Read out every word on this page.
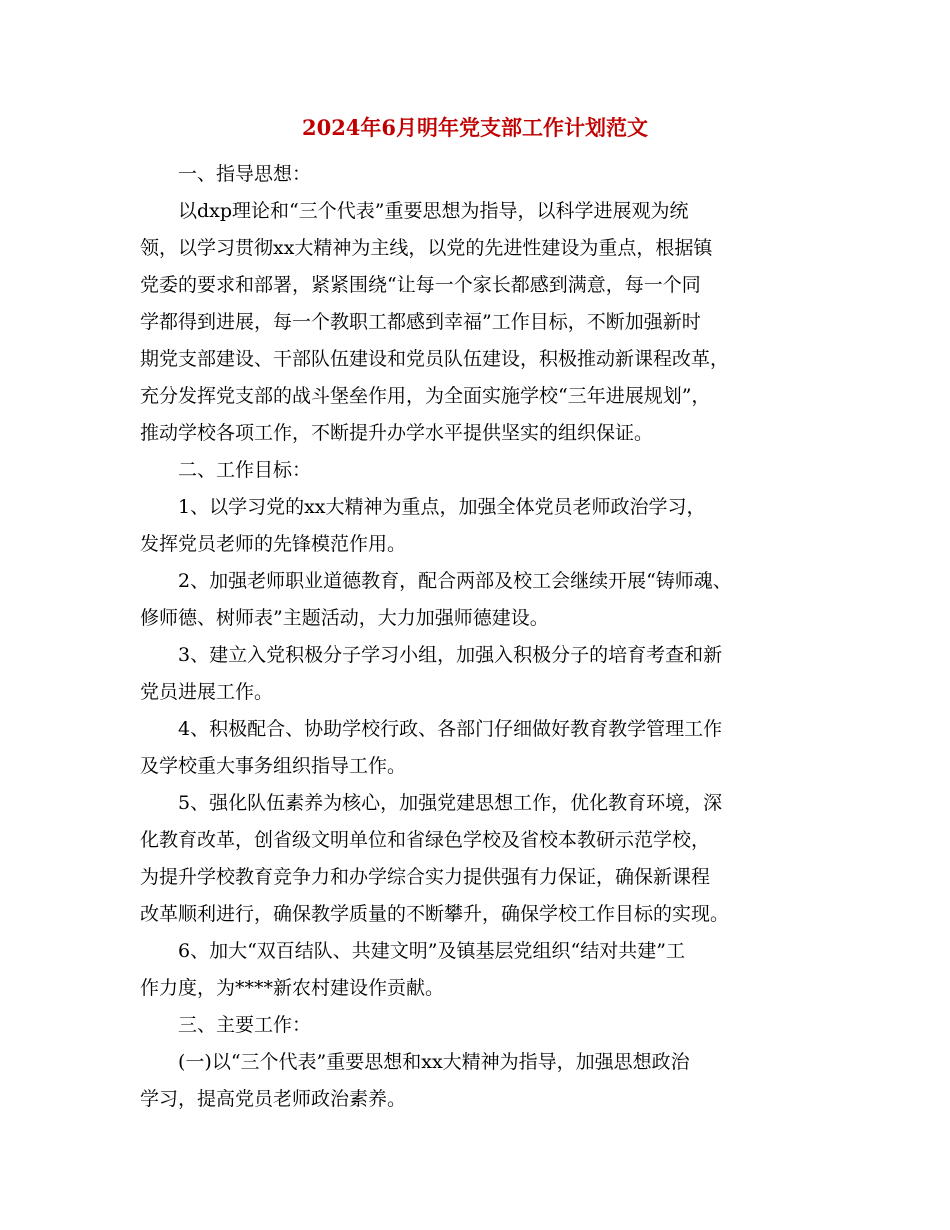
2024年6月明年党支部工作计划范文
一、指导思想：
以dxp理论和“三个代表”重要思想为指导，以科学进展观为统
领，以学习贯彻xx大精神为主线，以党的先进性建设为重点，根据镇
党委的要求和部署，紧紧围绕“让每一个家长都感到满意，每一个同
学都得到进展，每一个教职工都感到幸福”工作目标，不断加强新时
期党支部建设、干部队伍建设和党员队伍建设，积极推动新课程改革，
充分发挥党支部的战斗堡垒作用，为全面实施学校“三年进展规划”，
推动学校各项工作，不断提升办学水平提供坚实的组织保证。
二、工作目标：
1、以学习党的xx大精神为重点，加强全体党员老师政治学习，
发挥党员老师的先锋模范作用。
2、加强老师职业道德教育，配合两部及校工会继续开展“铸师魂、
修师德、树师表”主题活动，大力加强师德建设。
3、建立入党积极分子学习小组，加强入积极分子的培育考查和新
党员进展工作。
4、积极配合、协助学校行政、各部门仔细做好教育教学管理工作
及学校重大事务组织指导工作。
5、强化队伍素养为核心，加强党建思想工作，优化教育环境，深
化教育改革，创省级文明单位和省绿色学校及省校本教研示范学校，
为提升学校教育竞争力和办学综合实力提供强有力保证，确保新课程
改革顺利进行，确保教学质量的不断攀升，确保学校工作目标的实现。
6、加大“双百结队、共建文明”及镇基层党组织“结对共建”工
作力度，为****新农村建设作贡献。
三、主要工作：
(一)以“三个代表”重要思想和xx大精神为指导，加强思想政治
学习，提高党员老师政治素养。
